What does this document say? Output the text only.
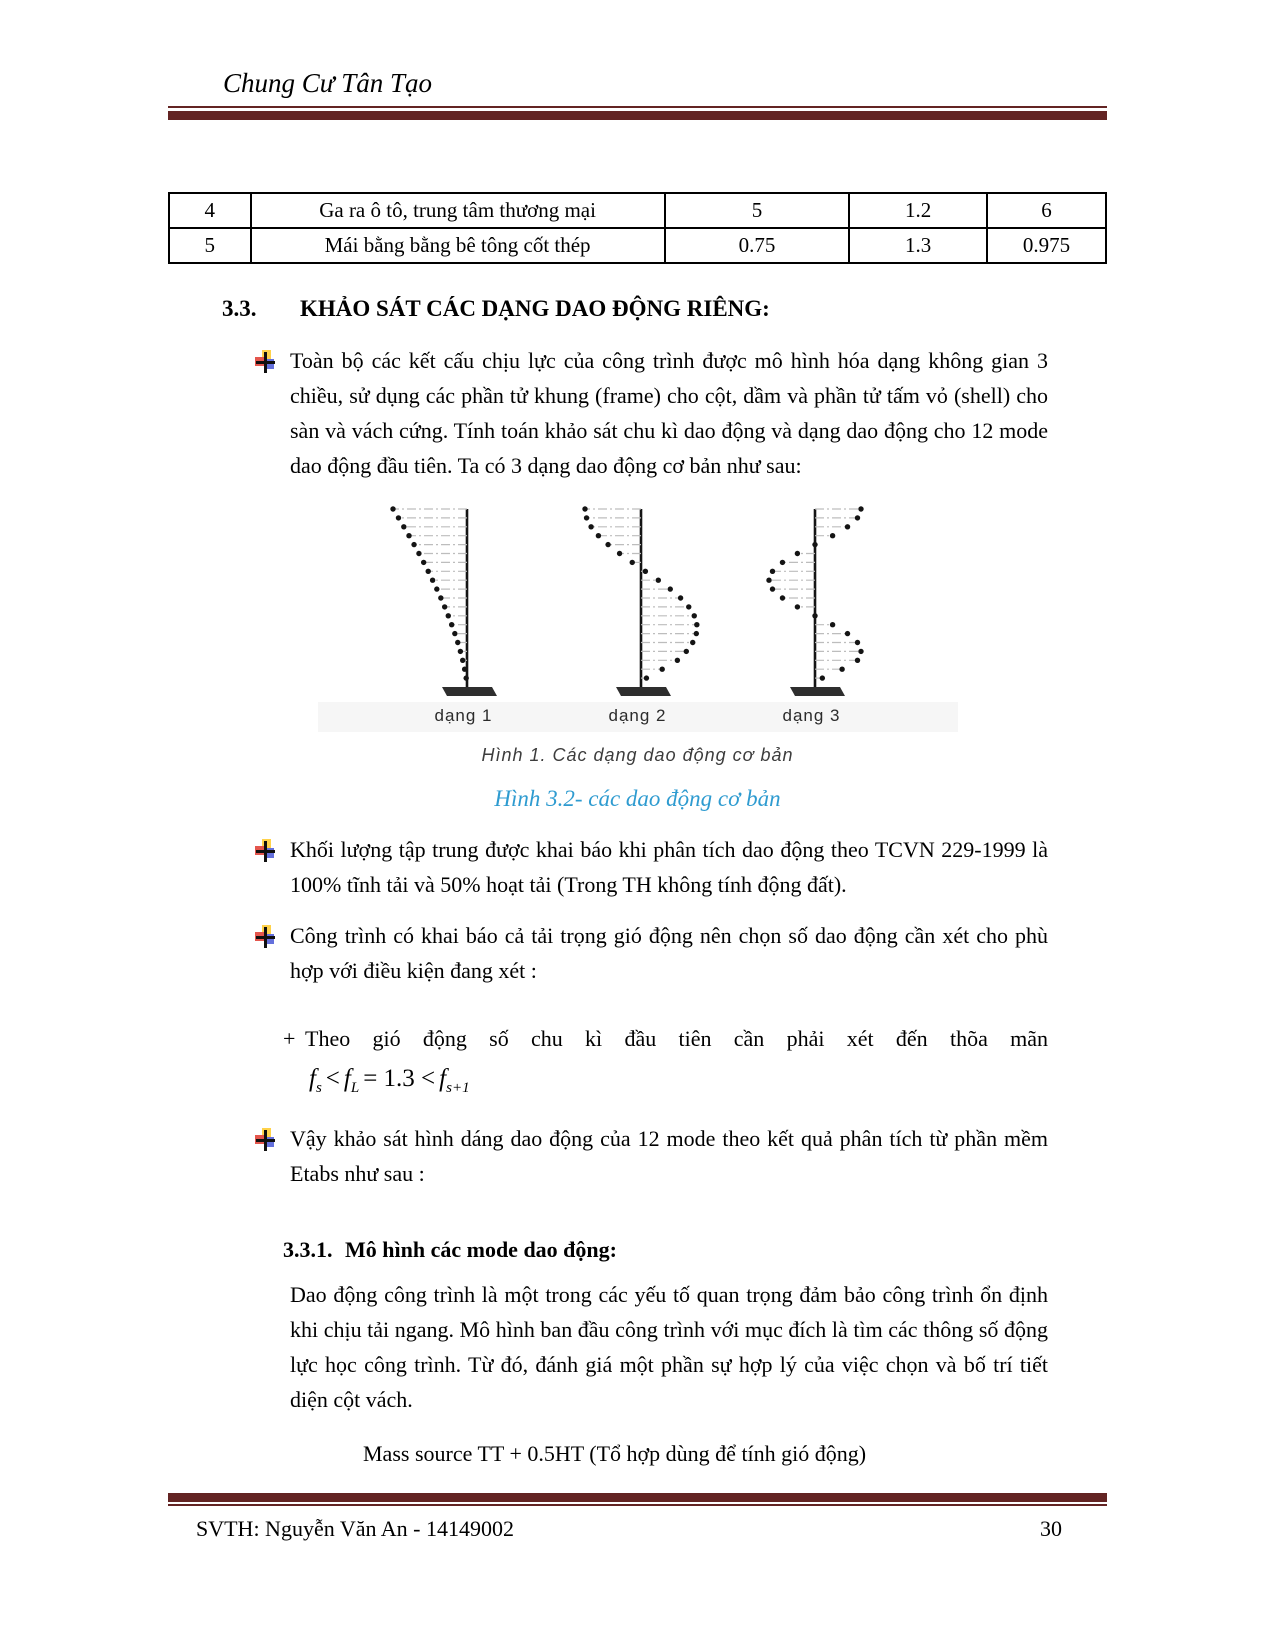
Chung Cư Tân Tạo
4	Ga ra ô tô, trung tâm thương mại	5	1.2	6
5	Mái bằng bằng bê tông cốt thép	0.75	1.3	0.975
3.3.	KHẢO SÁT CÁC DẠNG DAO ĐỘNG RIÊNG:
Toàn bộ các kết cấu chịu lực của công trình được mô hình hóa dạng không gian 3 chiều, sử dụng các phần tử khung (frame) cho cột, dầm và phần tử tấm vỏ (shell) cho sàn và vách cứng. Tính toán khảo sát chu kì dao động và dạng dao động cho 12 mode dao động đầu tiên. Ta có 3 dạng dao động cơ bản như sau:
dạng 1	dạng 2	dạng 3
Hình 1. Các dạng dao động cơ bản
Hình 3.2- các dao động cơ bản
Khối lượng tập trung được khai báo khi phân tích dao động theo TCVN 229-1999 là 100% tĩnh tải và 50% hoạt tải (Trong TH không tính động đất).
Công trình có khai báo cả tải trọng gió động nên chọn số dao động cần xét cho phù hợp với điều kiện đang xét :
+ Theo gió động số chu kì đầu tiên cần phải xét đến thõa mãn
$f_s < f_L = 1.3 < f_{s+1}$
Vậy khảo sát hình dáng dao động của 12 mode theo kết quả phân tích từ phần mềm Etabs như sau :
3.3.1. Mô hình các mode dao động:
Dao động công trình là một trong các yếu tố quan trọng đảm bảo công trình ổn định khi chịu tải ngang. Mô hình ban đầu công trình với mục đích là tìm các thông số động lực học công trình. Từ đó, đánh giá một phần sự hợp lý của việc chọn và bố trí tiết diện cột vách.
Mass source TT + 0.5HT (Tổ hợp dùng để tính gió động)
SVTH: Nguyễn Văn An - 14149002	30
